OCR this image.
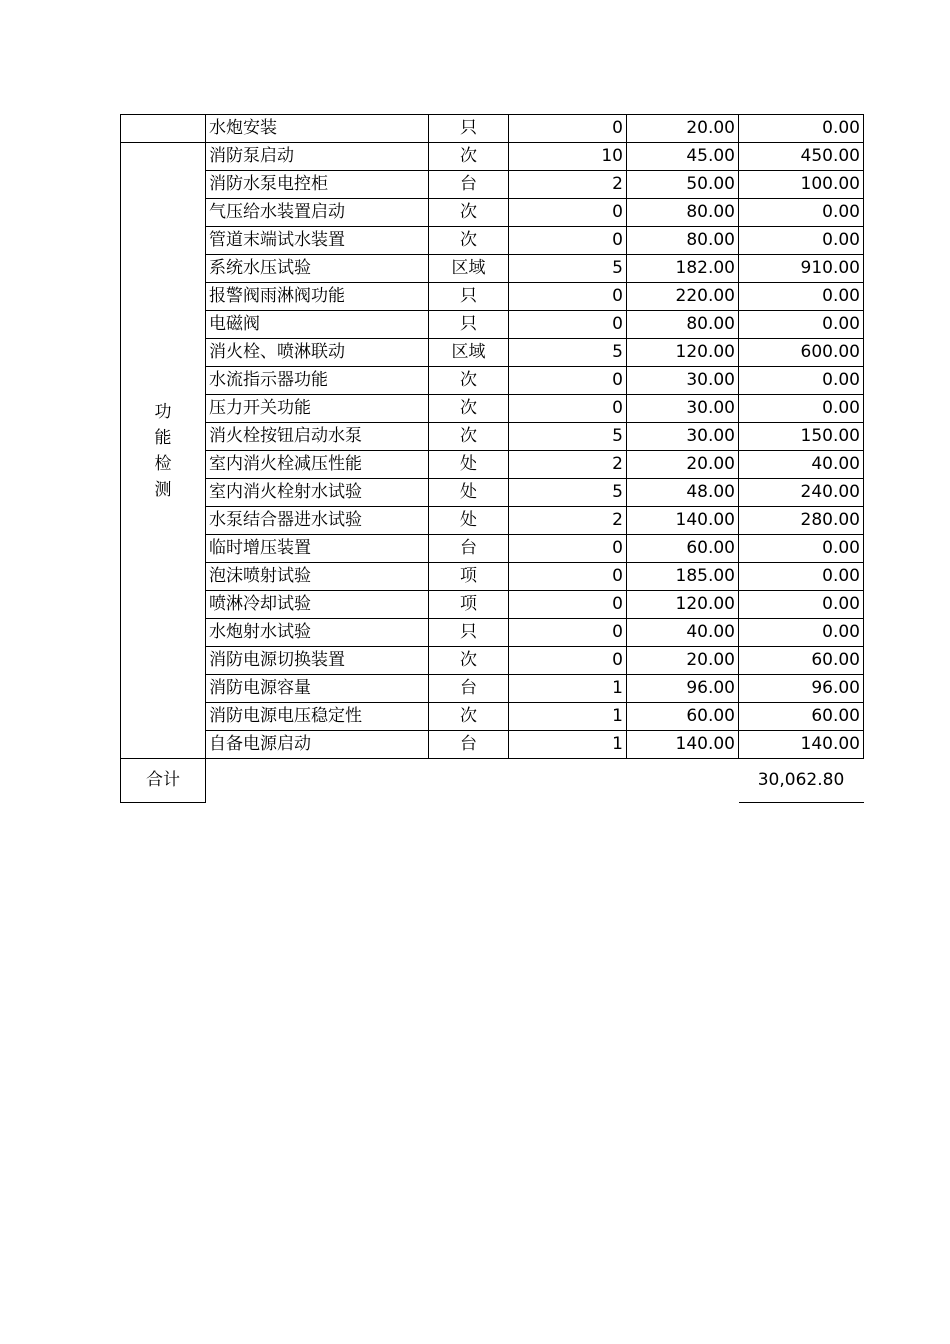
	水炮安装	只	0	20.00	0.00
功能检测	消防泵启动	次	10	45.00	450.00
	消防水泵电控柜	台	2	50.00	100.00
	气压给水装置启动	次	0	80.00	0.00
	管道末端试水装置	次	0	80.00	0.00
	系统水压试验	区域	5	182.00	910.00
	报警阀雨淋阀功能	只	0	220.00	0.00
	电磁阀	只	0	80.00	0.00
	消火栓、喷淋联动	区域	5	120.00	600.00
	水流指示器功能	次	0	30.00	0.00
	压力开关功能	次	0	30.00	0.00
	消火栓按钮启动水泵	次	5	30.00	150.00
	室内消火栓减压性能	处	2	20.00	40.00
	室内消火栓射水试验	处	5	48.00	240.00
	水泵结合器进水试验	处	2	140.00	280.00
	临时增压装置	台	0	60.00	0.00
	泡沫喷射试验	项	0	185.00	0.00
	喷淋冷却试验	项	0	120.00	0.00
	水炮射水试验	只	0	40.00	0.00
	消防电源切换装置	次	0	20.00	60.00
	消防电源容量	台	1	96.00	96.00
	消防电源电压稳定性	次	1	60.00	60.00
	自备电源启动	台	1	140.00	140.00
合计					30,062.80
